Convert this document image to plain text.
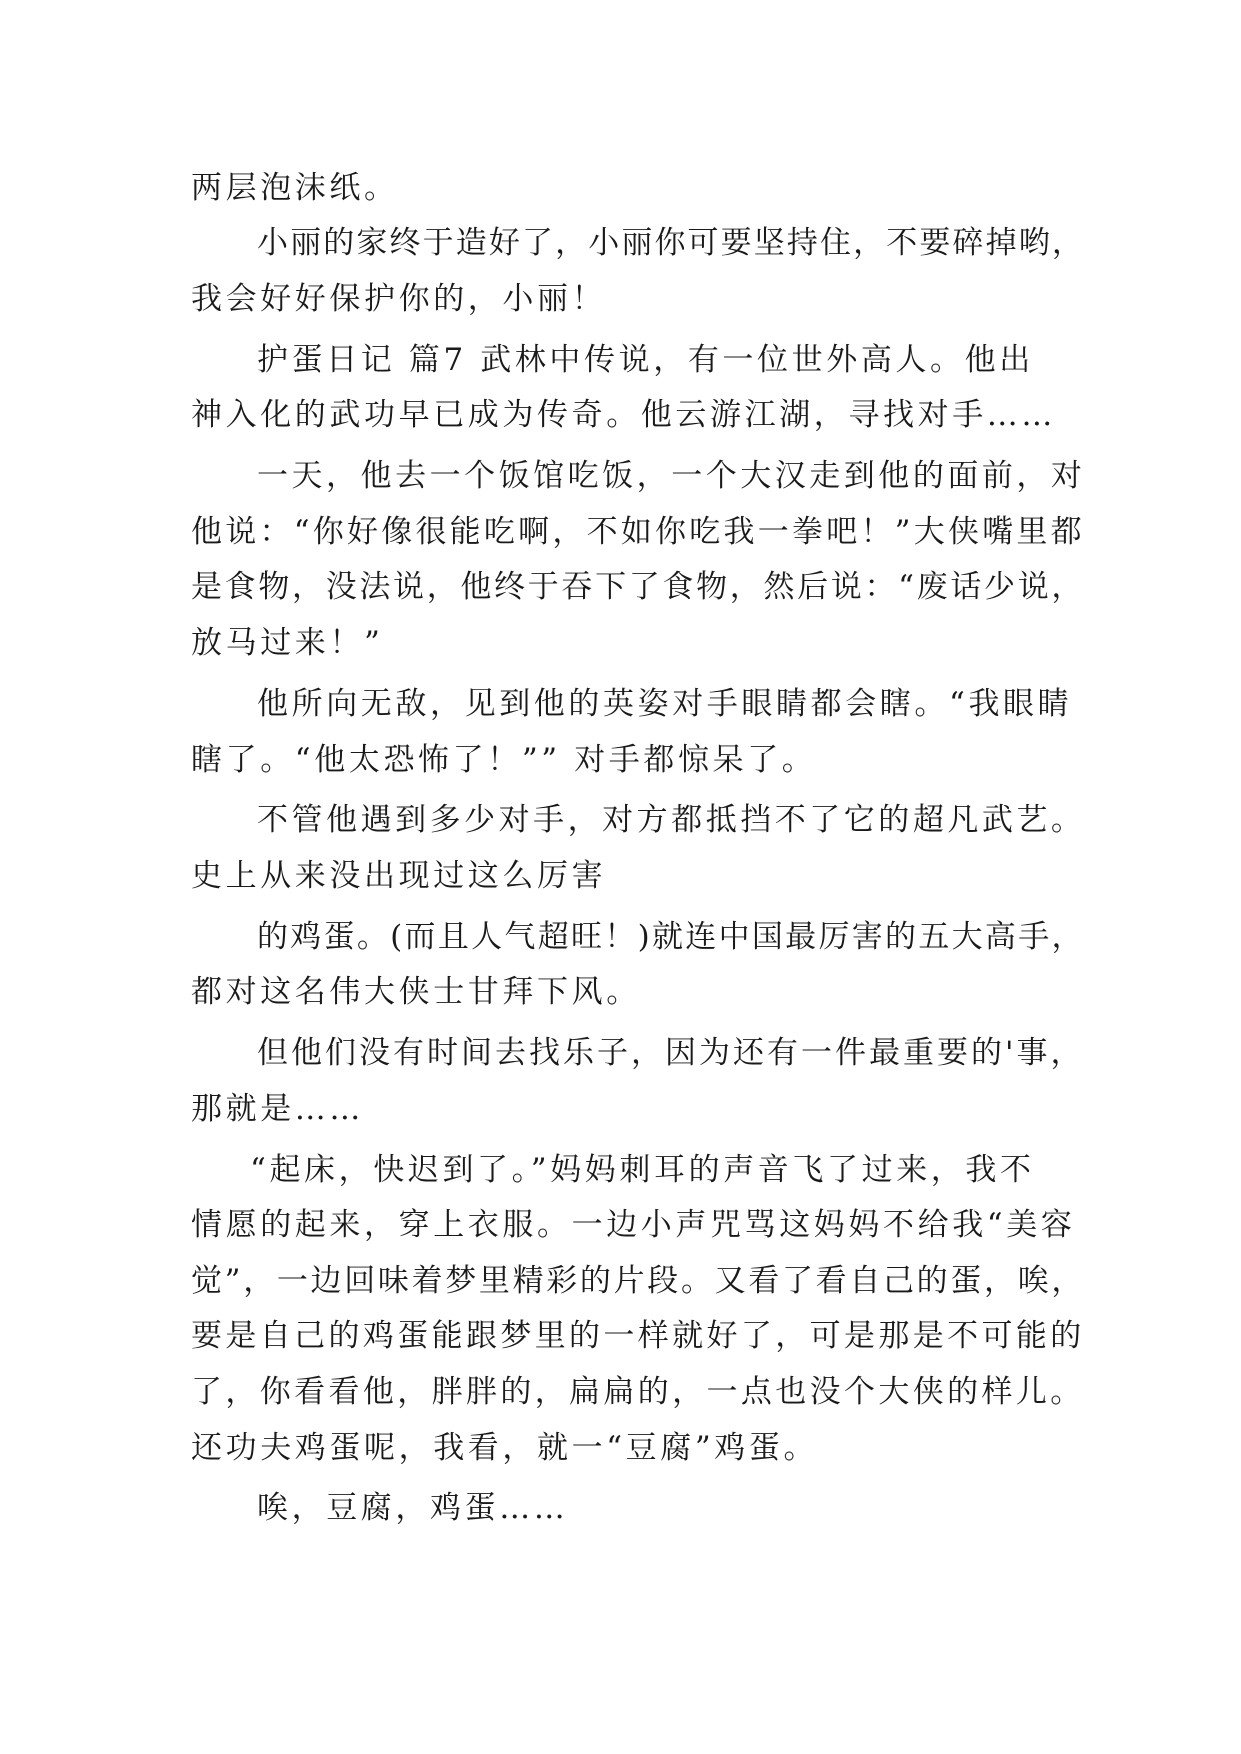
两层泡沫纸。
小丽的家终于造好了，小丽你可要坚持住，不要碎掉哟，
我会好好保护你的，小丽！
护蛋日记 篇7 武林中传说，有一位世外高人。他出
神入化的武功早已成为传奇。他云游江湖，寻找对手……
一天，他去一个饭馆吃饭，一个大汉走到他的面前，对
他说：“你好像很能吃啊，不如你吃我一拳吧！”大侠嘴里都
是食物，没法说，他终于吞下了食物，然后说：“废话少说，
放马过来！”
他所向无敌，见到他的英姿对手眼睛都会瞎。“我眼睛
瞎了。“他太恐怖了！”” 对手都惊呆了。
不管他遇到多少对手，对方都抵挡不了它的超凡武艺。
史上从来没出现过这么厉害
的鸡蛋。(而且人气超旺！)就连中国最厉害的五大高手，
都对这名伟大侠士甘拜下风。
但他们没有时间去找乐子，因为还有一件最重要的'事，
那就是……
“起床，快迟到了。”妈妈刺耳的声音飞了过来，我不
情愿的起来，穿上衣服。一边小声咒骂这妈妈不给我“美容
觉”，一边回味着梦里精彩的片段。又看了看自己的蛋，唉，
要是自己的鸡蛋能跟梦里的一样就好了，可是那是不可能的
了，你看看他，胖胖的，扁扁的，一点也没个大侠的样儿。
还功夫鸡蛋呢，我看，就一“豆腐”鸡蛋。
唉，豆腐，鸡蛋……
